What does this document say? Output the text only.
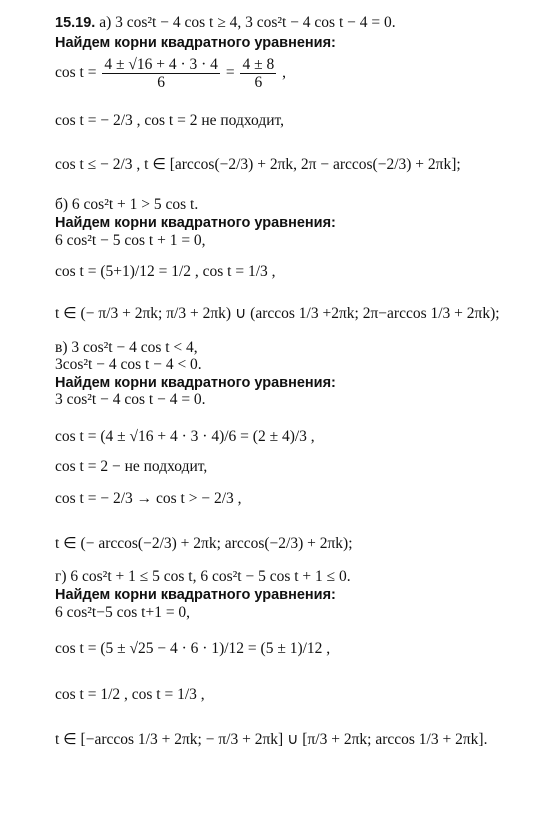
15.19. а) 3 cos²t − 4 cos t ≥ 4, 3 cos²t − 4 cos t − 4 = 0.
Найдем корни квадратного уравнения:
$\cos t = \frac{4 \pm √16 + 4 \cdot 3 \cdot 4}{6} = \frac{4 \pm 8}{6}$ ,
cos t = − 2/3 , cos t = 2 не подходит,
cos t ≤ − 2/3 , t ∈ [arccos(−2/3) + 2πk, 2π − arccos(−2/3) + 2πk];
б) 6 cos²t + 1 > 5 cos t.
Найдем корни квадратного уравнения:
6 cos²t − 5 cos t + 1 = 0,
cos t = (5+1)/12 = 1/2 , cos t = 1/3 ,
t ∈ (− π/3 + 2πk; π/3 + 2πk) ∪ (arccos 1/3 +2πk; 2π−arccos 1/3 + 2πk);
в) 3 cos²t − 4 cos t < 4,
3cos²t − 4 cos t − 4 < 0.
Найдем корни квадратного уравнения:
3 cos²t − 4 cos t − 4 = 0.
cos t = (4 ± √16 + 4 · 3 · 4)/6 = (2 ± 4)/3 ,
cos t = 2 − не подходит,
cos t = − 2/3 → cos t > − 2/3 ,
t ∈ (− arccos(−2/3) + 2πk; arccos(−2/3) + 2πk);
г) 6 cos²t + 1 ≤ 5 cos t, 6 cos²t − 5 cos t + 1 ≤ 0.
Найдем корни квадратного уравнения:
6 cos²t−5 cos t+1 = 0,
cos t = (5 ± √25 − 4 · 6 · 1)/12 = (5 ± 1)/12 ,
cos t = 1/2 , cos t = 1/3 ,
t ∈ [−arccos 1/3 + 2πk; − π/3 + 2πk] ∪ [π/3 + 2πk; arccos 1/3 + 2πk].
